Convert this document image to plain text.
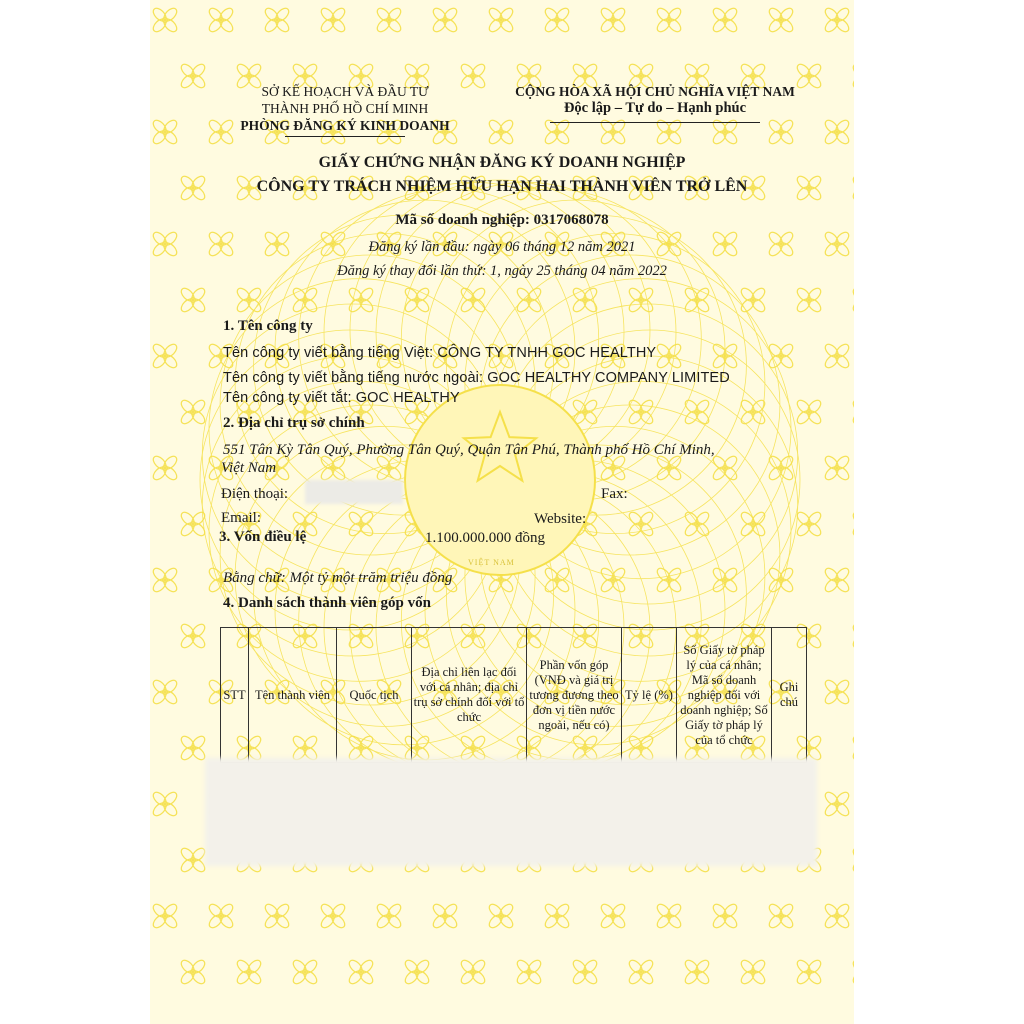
SỞ KẾ HOẠCH VÀ ĐẦU TƯ
THÀNH PHỐ HỒ CHÍ MINH
PHÒNG ĐĂNG KÝ KINH DOANH
CỘNG HÒA XÃ HỘI CHỦ NGHĨA VIỆT NAM
Độc lập – Tự do – Hạnh phúc
GIẤY CHỨNG NHẬN ĐĂNG KÝ DOANH NGHIỆP
CÔNG TY TRÁCH NHIỆM HỮU HẠN HAI THÀNH VIÊN TRỞ LÊN
Mã số doanh nghiệp: 0317068078
Đăng ký lần đầu: ngày 06 tháng 12 năm 2021
Đăng ký thay đổi lần thứ: 1, ngày 25 tháng 04 năm 2022
1. Tên công ty
Tên công ty viết bằng tiếng Việt: CÔNG TY TNHH GOC HEALTHY
Tên công ty viết bằng tiếng nước ngoài: GOC HEALTHY COMPANY LIMITED
Tên công ty viết tắt: GOC HEALTHY
2. Địa chỉ trụ sở chính
551 Tân Kỳ Tân Quý, Phường Tân Quý, Quận Tân Phú, Thành phố Hồ Chí Minh,
Việt Nam
Điện thoại:	Fax:
Email:	Website:
3. Vốn điều lệ	1.100.000.000 đồng
Bằng chữ: Một tỷ một trăm triệu đồng
4. Danh sách thành viên góp vốn
STT	Tên thành viên	Quốc tịch	Địa chỉ liên lạc đối với cá nhân; địa chỉ trụ sở chính đối với tổ chức	Phần vốn góp (VNĐ và giá trị tương đương theo đơn vị tiền nước ngoài, nếu có)	Tỷ lệ (%)	Số Giấy tờ pháp lý của cá nhân; Mã số doanh nghiệp đối với doanh nghiệp; Số Giấy tờ pháp lý của tổ chức	Ghi chú

VIỆT NAM
